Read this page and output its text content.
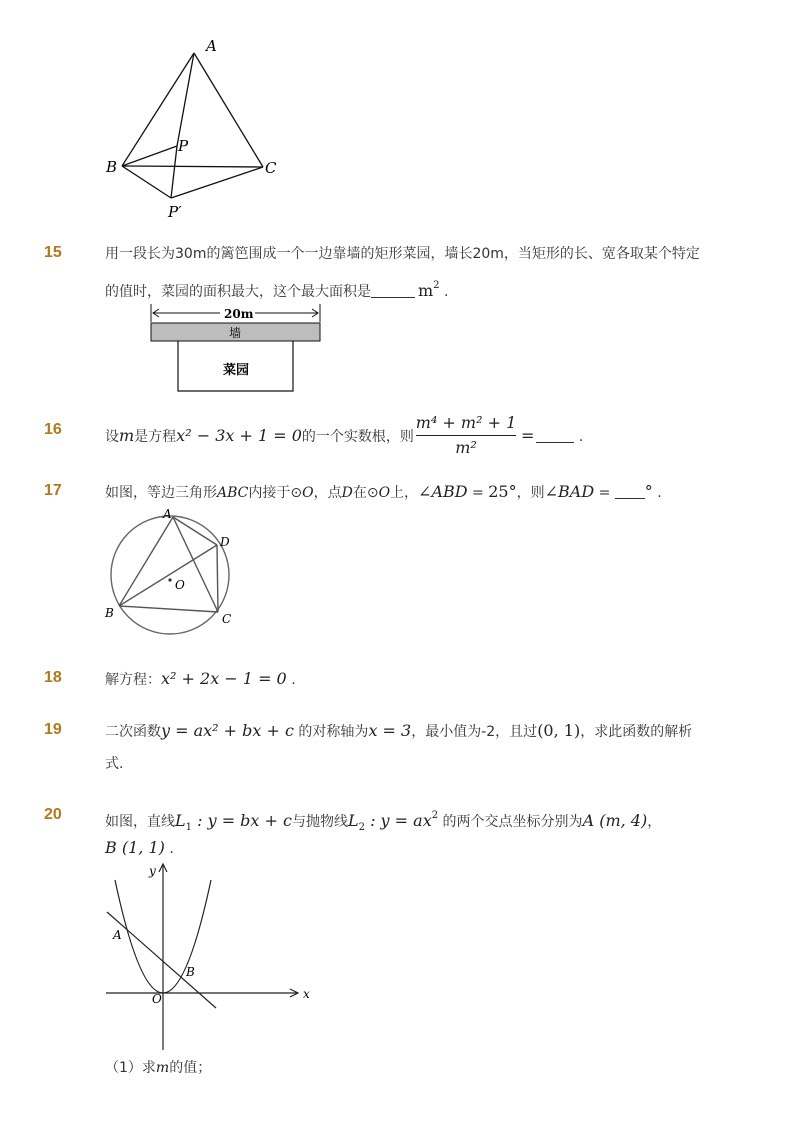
A
B	C
P
P′
15	用一段长为30m的篱笆围成一个一边靠墙的矩形菜园，墙长20m，当矩形的长、宽各取某个特定
的值时，菜园的面积最大，这个最大面积是	$m^2$ .
20m
墙
菜园
16	设m是方程x² − 3x + 1 = 0的一个实数根，则
m⁴ + m² + 1
m²
=	.
17	如图，等边三角形ABC内接于⊙O，点D在⊙O上，∠ABD = 25°，则∠BAD = ° .
A
B	C
D
O
18	解方程：x² + 2x − 1 = 0 .
19	二次函数y = ax² + bx + c 的对称轴为x = 3，最小值为-2，且过(0, 1)，求此函数的解析
式.
20	如图，直线$L_1$ : y = bx + c与抛物线$L_2$ : $y = ax^2$ 的两个交点坐标分别为A (m, 4)，
B (1, 1) .
y
x
A
B
O
（1）求m的值；
